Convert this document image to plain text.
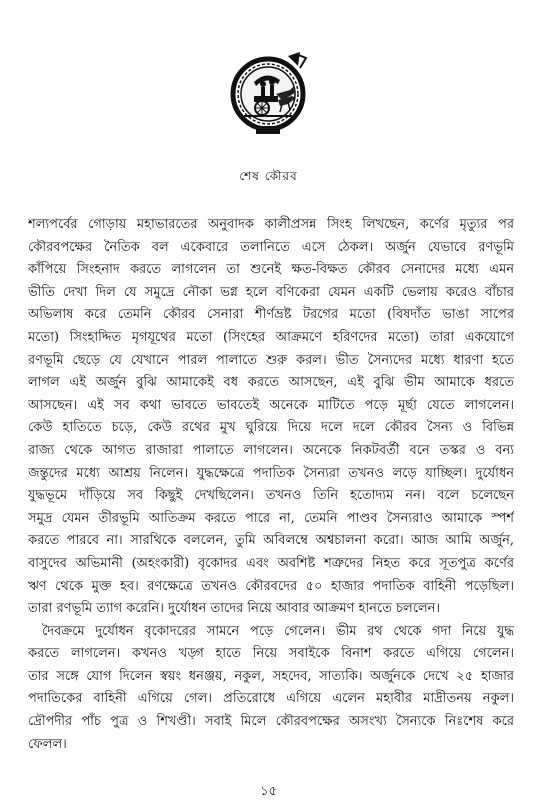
শেষ কৌরব
শল্যপর্বের গোড়ায় মহাভারতের অনুবাদক কালীপ্রসন্ন সিংহ লিখছেন, কর্ণের মৃত্যুর পর
কৌরবপক্ষের নৈতিক বল একেবারে তলানিতে এসে ঠেকল। অর্জুন যেভাবে রণভূমি
কাঁপিয়ে সিংহনাদ করতে লাগলেন তা শুনেই ক্ষত-বিক্ষত কৌরব সেনাদের মধ্যে এমন
ভীতি দেখা দিল যে সমুদ্রে নৌকা ভগ্ন হলে বণিকেরা যেমন একটি ভেলায় করেও বাঁচার
অভিলাষ করে তেমনি কৌরব সেনারা শীর্ণভ্রষ্ট টরগের মতো (বিষদাঁত ভাঙা সাপের
মতো) সিংহাদ্দিত মৃগযূথের মতো (সিংহের আক্রমণে হরিণদের মতো) তারা একযোগে
রণভূমি ছেড়ে যে যেখানে পারল পালাতে শুরু করল। ভীত সৈন্যদের মধ্যে ধারণা হতে
লাগল এই অর্জুন বুঝি আমাকেই বধ করতে আসছেন, এই বুঝি ভীম আমাকে ধরতে
আসছেন। এই সব কথা ভাবতে ভাবতেই অনেকে মাটিতে পড়ে মূর্ছা যেতে লাগলেন।
কেউ হাতিতে চড়ে, কেউ রথের মুখ ঘুরিয়ে দিয়ে দলে দলে কৌরব সৈন্য ও বিভিন্ন
রাজ্য থেকে আগত রাজারা পালাতে লাগলেন। অনেকে নিকটবর্তী বনে তস্কর ও বন্য
জন্তুদের মধ্যে আশ্রয় নিলেন। যুদ্ধক্ষেত্রে পদাতিক সৈন্যরা তখনও লড়ে যাচ্ছিল। দুর্যোধন
যুদ্ধভূমে দাঁড়িয়ে সব কিছুই দেখছিলেন। তখনও তিনি হতোদ্যম নন। বলে চলেছেন
সমুদ্র যেমন তীরভূমি আতিক্রম করতে পারে না, তেমনি পাণ্ডব সৈন্যরাও আমাকে স্পর্শ
করতে পারবে না। সারথিকে বললেন, তুমি অবিলম্বে অশ্বচালনা করো। আজ আমি অর্জুন,
বাসুদেব অভিমানী (অহংকারী) বৃকোদর এবং অবশিষ্ট শত্রুদের নিহত করে সূতপুত্র কর্ণের
ঋণ থেকে মুক্ত হব। রণক্ষেত্রে তখনও কৌরবদের ৫০ হাজার পদাতিক বাহিনী পড়েছিল।
তারা রণভূমি ত্যাগ করেনি। দুর্যোধন তাদের নিয়ে আবার আক্রমণ হানতে চললেন।
দৈবক্রমে দুর্যোধন বৃকোদরের সামনে পড়ে গেলেন। ভীম রথ থেকে গদা নিয়ে যুদ্ধ
করতে লাগলেন। কখনও খড়্গ হাতে নিয়ে সবাইকে বিনাশ করতে এগিয়ে গেলেন।
তার সঙ্গে যোগ দিলেন স্বয়ং ধনঞ্জয়, নকুল, সহদেব, সাত্যকি। অর্জুনকে দেখে ২৫ হাজার
পদাতিকের বাহিনী এগিয়ে গেল। প্রতিরোধে এগিয়ে এলেন মহাবীর মাদ্রীতনয় নকুল।
দ্রৌপদীর পাঁচ পুত্র ও শিখণ্ডী। সবাই মিলে কৌরবপক্ষের অসংখ্য সৈন্যকে নিঃশেষ করে
ফেলল।
১৫
